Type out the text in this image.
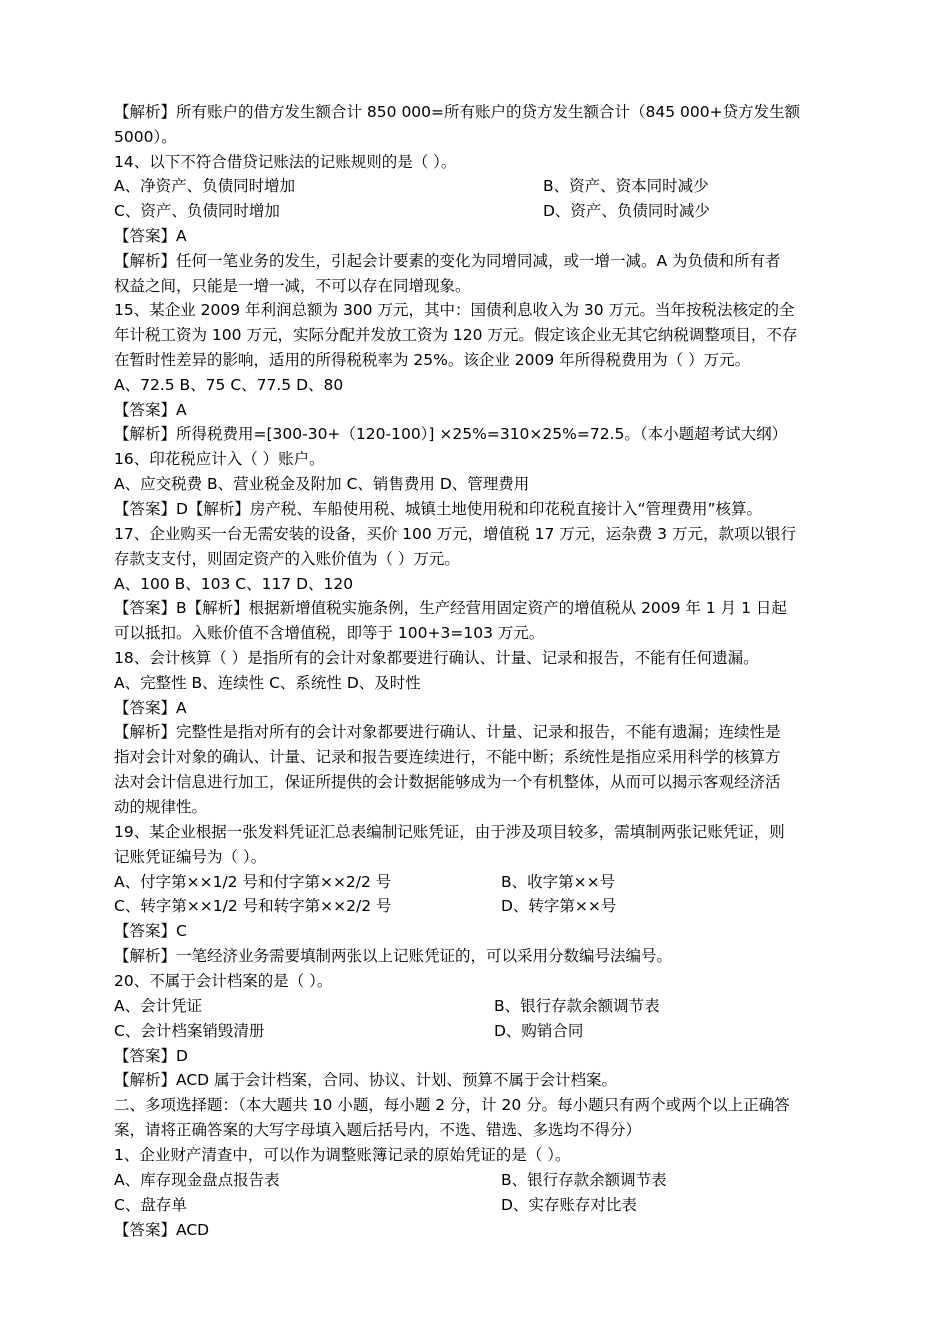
【解析】所有账户的借方发生额合计 850 000=所有账户的贷方发生额合计（845 000+贷方发生额
5000）。
14、以下不符合借贷记账法的记账规则的是（ ）。
A、净资产、负债同时增加	B、资产、资本同时减少
C、资产、负债同时增加	D、资产、负债同时减少
【答案】A
【解析】任何一笔业务的发生，引起会计要素的变化为同增同减，或一增一减。A 为负债和所有者
权益之间，只能是一增一减，不可以存在同增现象。
15、某企业 2009 年利润总额为 300 万元，其中：国债利息收入为 30 万元。当年按税法核定的全
年计税工资为 100 万元，实际分配并发放工资为 120 万元。假定该企业无其它纳税调整项目，不存
在暂时性差异的影响，适用的所得税税率为 25%。该企业 2009 年所得税费用为（ ）万元。
A、72.5 B、75 C、77.5 D、80
【答案】A
【解析】所得税费用=[300-30+（120-100）] ×25%=310×25%=72.5。（本小题超考试大纲）
16、印花税应计入（ ）账户。
A、应交税费 B、营业税金及附加 C、销售费用 D、管理费用
【答案】D【解析】房产税、车船使用税、城镇土地使用税和印花税直接计入“管理费用”核算。
17、企业购买一台无需安装的设备，买价 100 万元，增值税 17 万元，运杂费 3 万元，款项以银行
存款支支付，则固定资产的入账价值为（ ）万元。
A、100 B、103 C、117 D、120
【答案】B【解析】根据新增值税实施条例，生产经营用固定资产的增值税从 2009 年 1 月 1 日起
可以抵扣。入账价值不含增值税，即等于 100+3=103 万元。
18、会计核算（ ）是指所有的会计对象都要进行确认、计量、记录和报告，不能有任何遗漏。
A、完整性 B、连续性 C、系统性 D、及时性
【答案】A
【解析】完整性是指对所有的会计对象都要进行确认、计量、记录和报告，不能有遗漏；连续性是
指对会计对象的确认、计量、记录和报告要连续进行，不能中断；系统性是指应采用科学的核算方
法对会计信息进行加工，保证所提供的会计数据能够成为一个有机整体，从而可以揭示客观经济活
动的规律性。
19、某企业根据一张发料凭证汇总表编制记账凭证，由于涉及项目较多，需填制两张记账凭证，则
记账凭证编号为（ ）。
A、付字第××1/2 号和付字第××2/2 号	B、收字第××号
C、转字第××1/2 号和转字第××2/2 号	D、转字第××号
【答案】C
【解析】一笔经济业务需要填制两张以上记账凭证的，可以采用分数编号法编号。
20、不属于会计档案的是（ ）。
A、会计凭证	B、银行存款余额调节表
C、会计档案销毁清册	D、购销合同
【答案】D
【解析】ACD 属于会计档案，合同、协议、计划、预算不属于会计档案。
二、多项选择题：（本大题共 10 小题，每小题 2 分，计 20 分。每小题只有两个或两个以上正确答
案，请将正确答案的大写字母填入题后括号内，不选、错选、多选均不得分）
1、企业财产清查中，可以作为调整账簿记录的原始凭证的是（ ）。
A、库存现金盘点报告表	B、银行存款余额调节表
C、盘存单	D、实存账存对比表
【答案】ACD
